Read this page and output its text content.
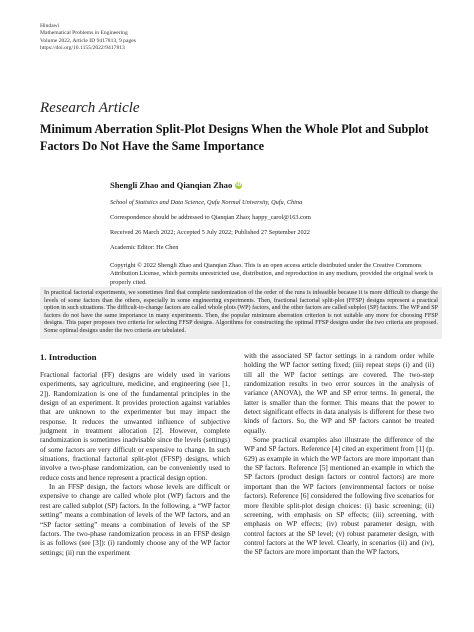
Hindawi
Mathematical Problems in Engineering
Volume 2022, Article ID 9417813, 9 pages
https://doi.org/10.1155/2022/9417813
Research Article
Minimum Aberration Split-Plot Designs When the Whole Plot and Subplot Factors Do Not Have the Same Importance
Shengli Zhao and Qianqian Zhao iD
School of Statistics and Data Science, Qufu Normal University, Qufu, China
Correspondence should be addressed to Qianqian Zhao; happy_carol@163.com
Received 26 March 2022; Accepted 5 July 2022; Published 27 September 2022
Academic Editor: He Chen
Copyright © 2022 Shengli Zhao and Qianqian Zhao. This is an open access article distributed under the Creative Commons Attribution License, which permits unrestricted use, distribution, and reproduction in any medium, provided the original work is properly cited.
In practical factorial experiments, we sometimes find that complete randomization of the order of the runs is infeasible because it is more difficult to change the levels of some factors than the others, especially in some engineering experiments. Then, fractional factorial split-plot (FFSP) designs represent a practical option in such situations. The difficult-to-change factors are called whole plots (WP) factors, and the other factors are called subplot (SP) factors. The WP and SP factors do not have the same importance in many experiments. Then, the popular minimum aberration criterion is not suitable any more for choosing FFSP designs. This paper proposes two criteria for selecting FFSP designs. Algorithms for constructing the optimal FFSP designs under the two criteria are proposed. Some optimal designs under the two criteria are tabulated.
1. Introduction

Fractional factorial (FF) designs are widely used in various experiments, say agriculture, medicine, and engineering (see [1, 2]). Randomization is one of the fundamental principles in the design of an experiment. It provides protection against variables that are unknown to the experimenter but may impact the response. It reduces the unwanted influence of subjective judgment in treatment allocation [2]. However, complete randomization is sometimes inadvisable since the levels (settings) of some factors are very difficult or expensive to change. In such situations, fractional factorial split-plot (FFSP) designs, which involve a two-phase randomization, can be conveniently used to reduce costs and hence represent a practical design option.

In an FFSP design, the factors whose levels are difficult or expensive to change are called whole plot (WP) factors and the rest are called subplot (SP) factors. In the following, a “WP factor setting” means a combination of levels of the WP factors, and an “SP factor setting” means a combination of levels of the SP factors. The two-phase randomization process in an FFSP design is as follows (see [3]): (i) randomly choose any of the WP factor settings; (ii) run the experiment

with the associated SP factor settings in a random order while holding the WP factor setting fixed; (iii) repeat steps (i) and (ii) till all the WP factor settings are covered. The two-step randomization results in two error sources in the analysis of variance (ANOVA), the WP and SP error terms. In general, the latter is smaller than the former. This means that the power to detect significant effects in data analysis is different for these two kinds of factors. So, the WP and SP factors cannot be treated equally.

Some practical examples also illustrate the difference of the WP and SP factors. Reference [4] cited an experiment from [1] (p. 629) as example in which the WP factors are more important than the SP factors. Reference [5] mentioned an example in which the SP factors (product design factors or control factors) are more important than the WP factors (environmental factors or noise factors). Reference [6] considered the following five scenarios for more flexible split-plot design choices: (i) basic screening; (ii) screening, with emphasis on SP effects; (iii) screening, with emphasis on WP effects; (iv) robust parameter design, with control factors at the SP level; (v) robust parameter design, with control factors at the WP level. Clearly, in scenarios (ii) and (iv), the SP factors are more important than the WP factors,
